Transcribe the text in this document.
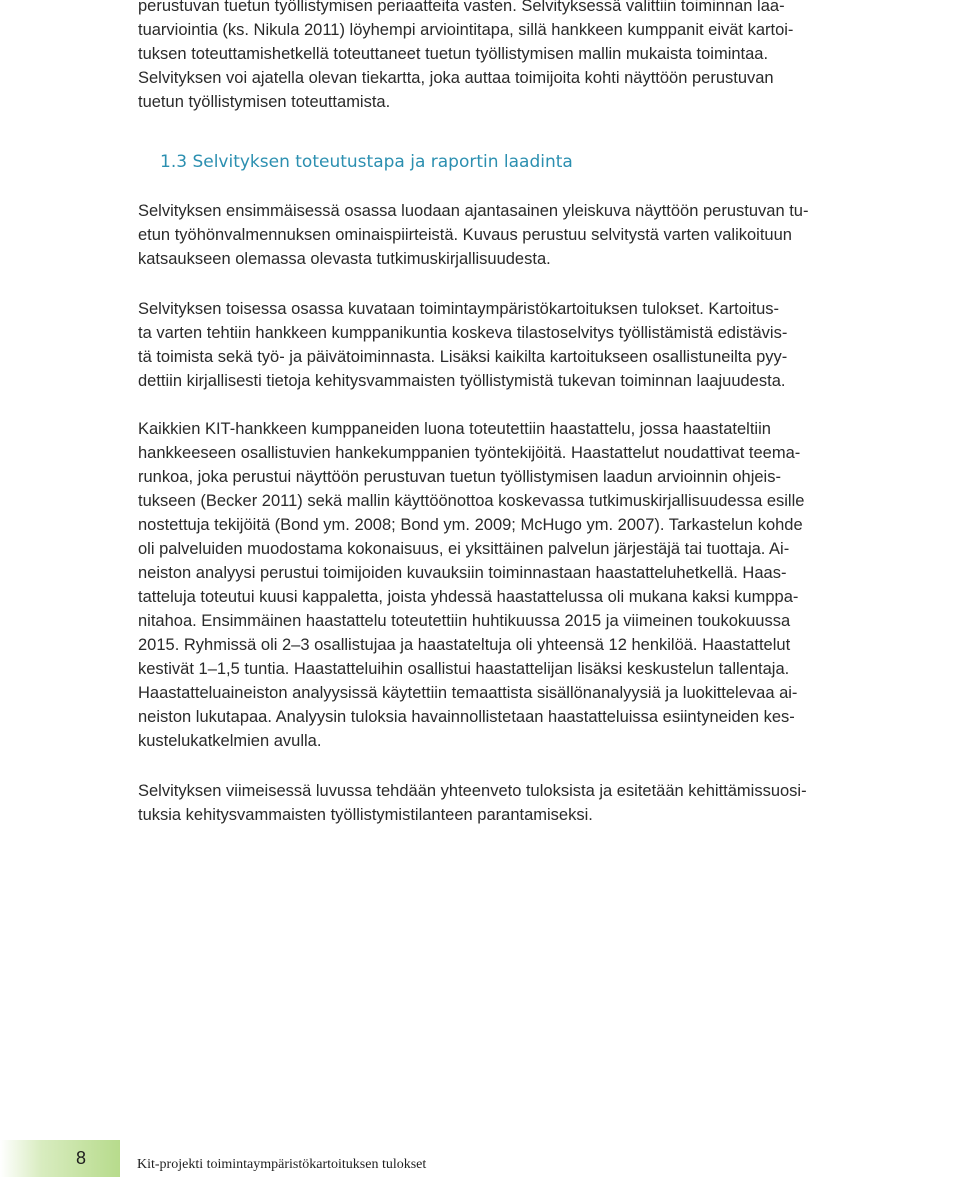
perustuvan tuetun työllistymisen periaatteita vasten. Selvityksessä valittiin toiminnan laa-
tuarviointia (ks. Nikula 2011) löyhempi arviointitapa, sillä hankkeen kumppanit eivät kartoi-
tuksen toteuttamishetkellä toteuttaneet tuetun työllistymisen mallin mukaista toimintaa.
Selvityksen voi ajatella olevan tiekartta, joka auttaa toimijoita kohti näyttöön perustuvan
tuetun työllistymisen toteuttamista.

1.3 Selvityksen toteutustapa ja raportin laadinta

Selvityksen ensimmäisessä osassa luodaan ajantasainen yleiskuva näyttöön perustuvan tu-
etun työhönvalmennuksen ominaispiirteistä. Kuvaus perustuu selvitystä varten valikoituun
katsaukseen olemassa olevasta tutkimuskirjallisuudesta.

Selvityksen toisessa osassa kuvataan toimintaympäristökartoituksen tulokset. Kartoitus-
ta varten tehtiin hankkeen kumppanikuntia koskeva tilastoselvitys työllistämistä edistävis-
tä toimista sekä työ- ja päivätoiminnasta. Lisäksi kaikilta kartoitukseen osallistuneilta pyy-
dettiin kirjallisesti tietoja kehitysvammaisten työllistymistä tukevan toiminnan laajuudesta.

Kaikkien KIT-hankkeen kumppaneiden luona toteutettiin haastattelu, jossa haastateltiin
hankkeeseen osallistuvien hankekumppanien työntekijöitä. Haastattelut noudattivat teema-
runkoa, joka perustui näyttöön perustuvan tuetun työllistymisen laadun arvioinnin ohjeis-
tukseen (Becker 2011) sekä mallin käyttöönottoa koskevassa tutkimuskirjallisuudessa esille
nostettuja tekijöitä (Bond ym. 2008; Bond ym. 2009; McHugo ym. 2007). Tarkastelun kohde
oli palveluiden muodostama kokonaisuus, ei yksittäinen palvelun järjestäjä tai tuottaja. Ai-
neiston analyysi perustui toimijoiden kuvauksiin toiminnastaan haastatteluhetkellä. Haas-
tatteluja toteutui kuusi kappaletta, joista yhdessä haastattelussa oli mukana kaksi kumppa-
nitahoa. Ensimmäinen haastattelu toteutettiin huhtikuussa 2015 ja viimeinen toukokuussa
2015. Ryhmissä oli 2–3 osallistujaa ja haastateltuja oli yhteensä 12 henkilöä. Haastattelut
kestivät 1–1,5 tuntia. Haastatteluihin osallistui haastattelijan lisäksi keskustelun tallentaja.
Haastatteluaineiston analyysissä käytettiin temaattista sisällönanalyysiä ja luokittelevaa ai-
neiston lukutapaa. Analyysin tuloksia havainnollistetaan haastatteluissa esiintyneiden kes-
kustelukatkelmien avulla.

Selvityksen viimeisessä luvussa tehdään yhteenveto tuloksista ja esitetään kehittämissuosi-
tuksia kehitysvammaisten työllistymistilanteen parantamiseksi.

8	Kit-projekti toimintaympäristökartoituksen tulokset
